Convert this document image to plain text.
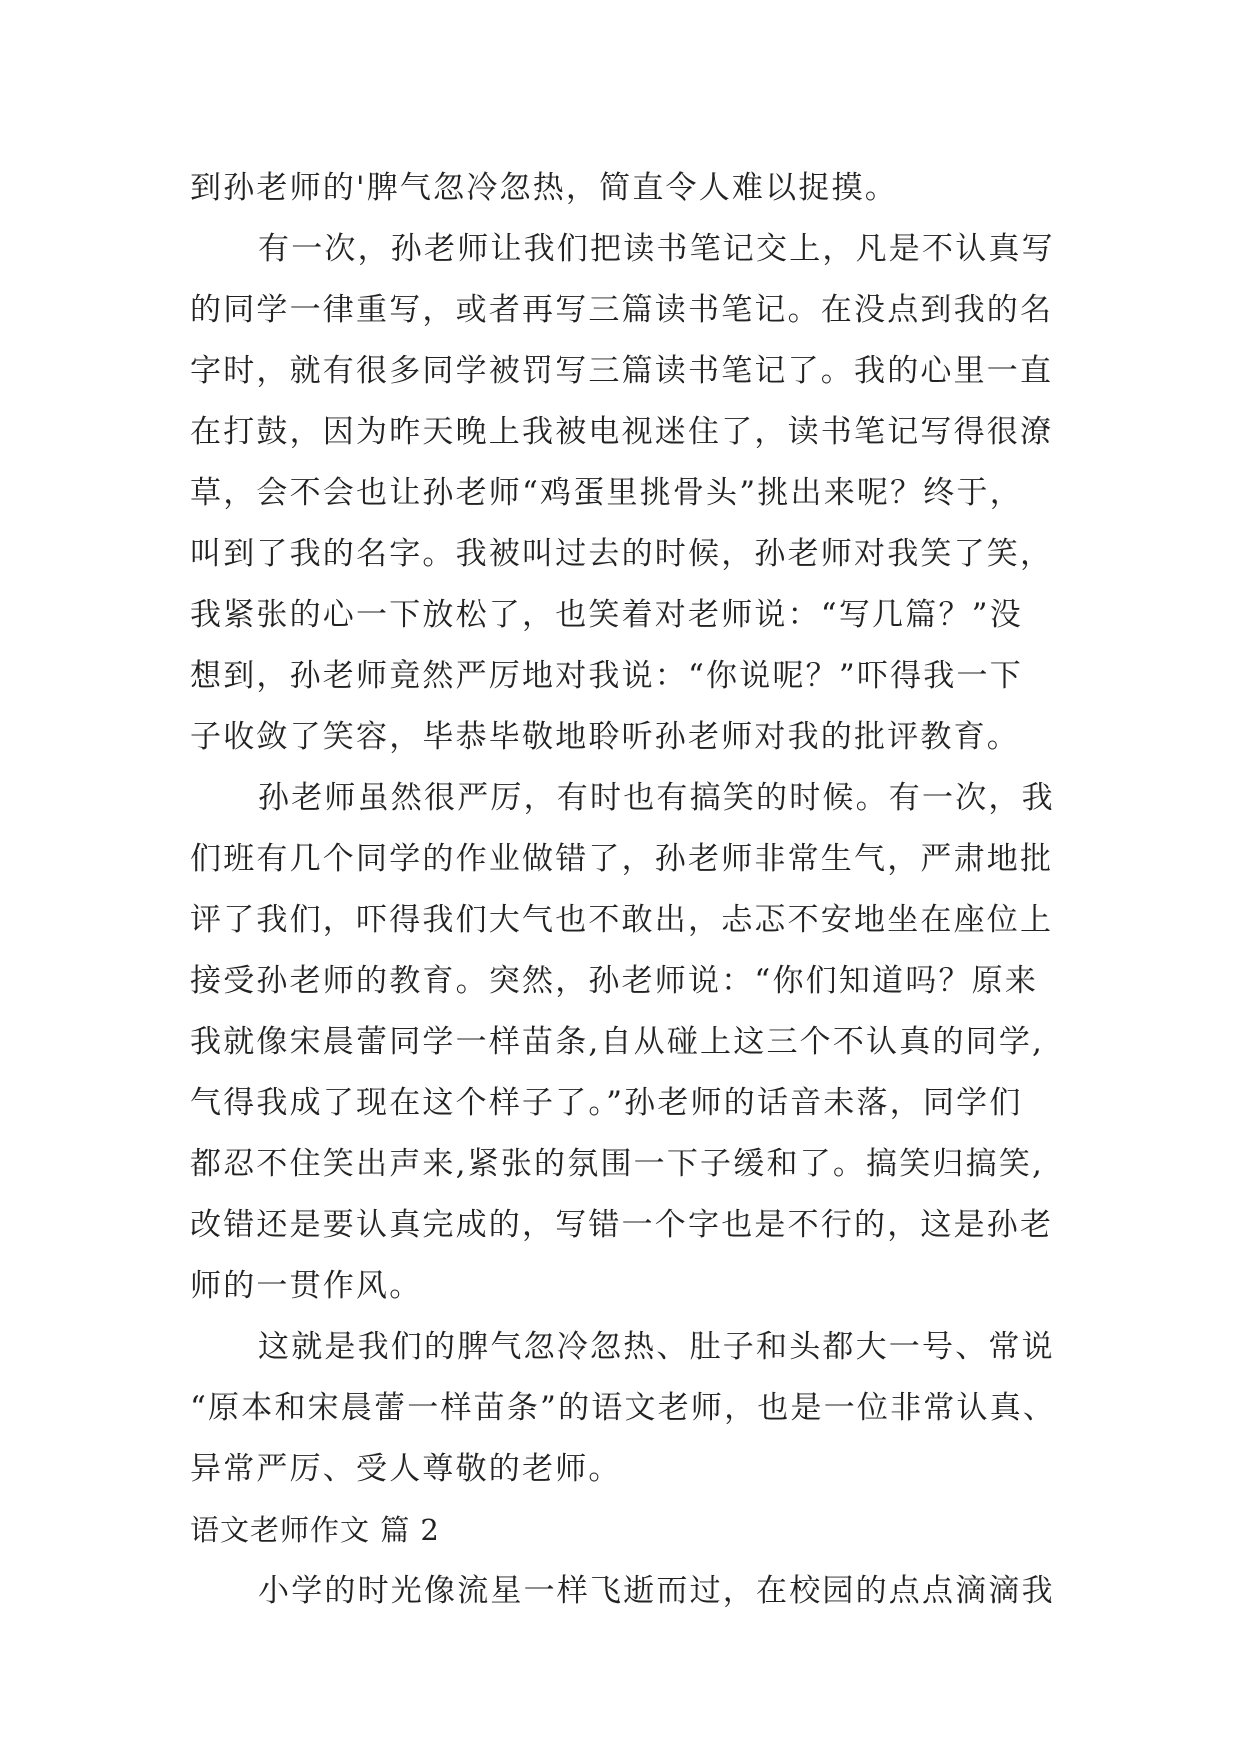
到孙老师的'脾气忽冷忽热，简直令人难以捉摸。
有一次，孙老师让我们把读书笔记交上，凡是不认真写
的同学一律重写，或者再写三篇读书笔记。在没点到我的名
字时，就有很多同学被罚写三篇读书笔记了。我的心里一直
在打鼓，因为昨天晚上我被电视迷住了，读书笔记写得很潦
草，会不会也让孙老师“鸡蛋里挑骨头”挑出来呢？终于，
叫到了我的名字。我被叫过去的时候，孙老师对我笑了笑，
我紧张的心一下放松了，也笑着对老师说：“写几篇？”没
想到，孙老师竟然严厉地对我说：“你说呢？”吓得我一下
子收敛了笑容，毕恭毕敬地聆听孙老师对我的批评教育。
孙老师虽然很严厉，有时也有搞笑的时候。有一次，我
们班有几个同学的作业做错了，孙老师非常生气，严肃地批
评了我们，吓得我们大气也不敢出，忐忑不安地坐在座位上
接受孙老师的教育。突然，孙老师说：“你们知道吗？原来
我就像宋晨蕾同学一样苗条,自从碰上这三个不认真的同学,
气得我成了现在这个样子了。”孙老师的话音未落，同学们
都忍不住笑出声来,紧张的氛围一下子缓和了。搞笑归搞笑,
改错还是要认真完成的，写错一个字也是不行的，这是孙老
师的一贯作风。
这就是我们的脾气忽冷忽热、肚子和头都大一号、常说
“原本和宋晨蕾一样苗条”的语文老师，也是一位非常认真、
异常严厉、受人尊敬的老师。
语文老师作文 篇 2
小学的时光像流星一样飞逝而过，在校园的点点滴滴我
